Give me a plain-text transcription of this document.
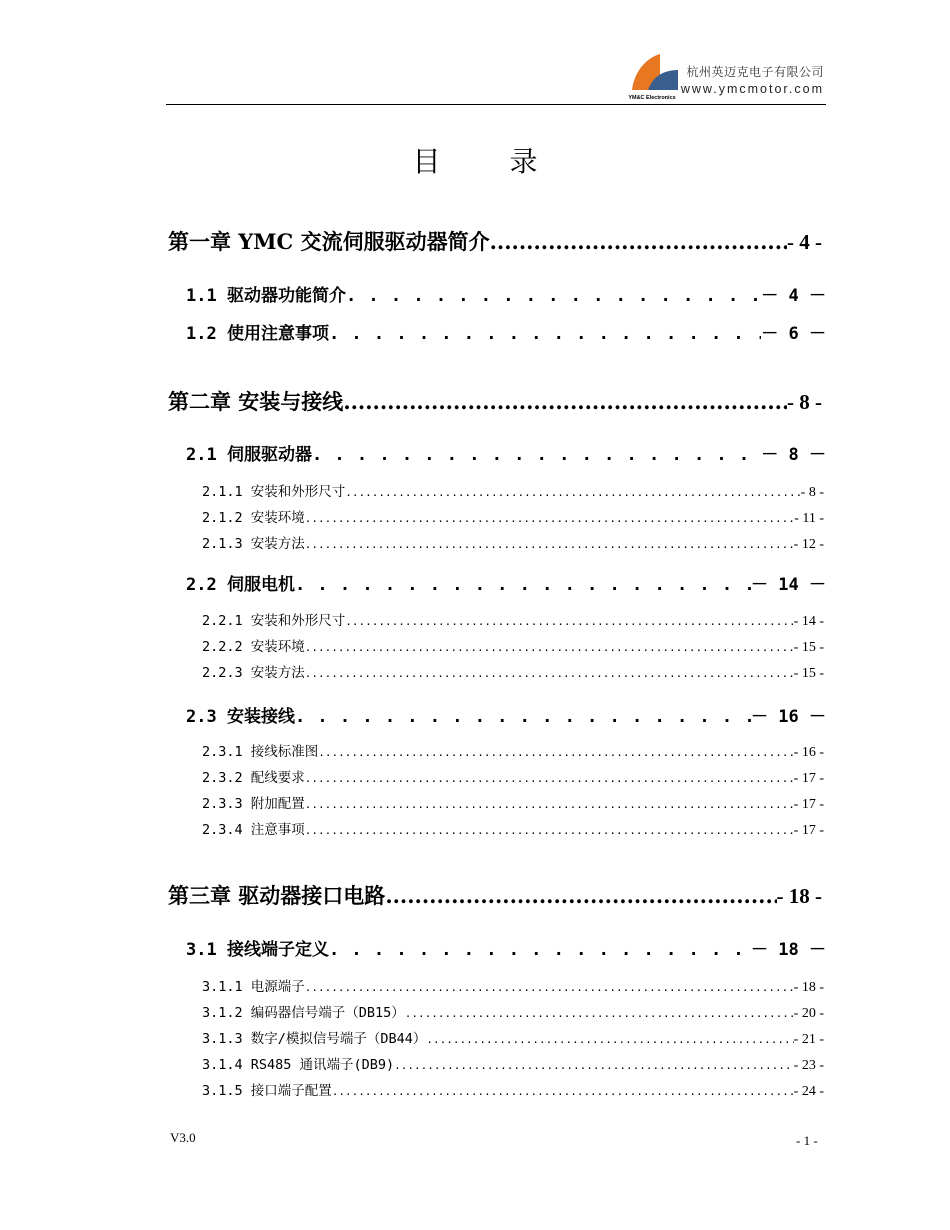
YM&C Electronics
杭州英迈克电子有限公司
www.ymcmotor.com
目 录
第一章 YMC 交流伺服驱动器简介 .....	- 4 -
1.1 驱动器功能简介 . . .	－ 4 －
1.2 使用注意事项 . . .	－ 6 －
第二章 安装与接线 .....	- 8 -
2.1 伺服驱动器 . . .	－ 8 －
2.1.1 安装和外形尺寸 .....	- 8 -
2.1.2 安装环境 .....	- 11 -
2.1.3 安装方法 .....	- 12 -
2.2 伺服电机 . . .	－ 14 －
2.2.1 安装和外形尺寸 .....	- 14 -
2.2.2 安装环境 .....	- 15 -
2.2.3 安装方法 .....	- 15 -
2.3 安装接线 . . .	－ 16 －
2.3.1 接线标准图 .....	- 16 -
2.3.2 配线要求 .....	- 17 -
2.3.3 附加配置 .....	- 17 -
2.3.4 注意事项 .....	- 17 -
第三章 驱动器接口电路 .....	- 18 -
3.1 接线端子定义 . . .	－ 18 －
3.1.1 电源端子 .....	- 18 -
3.1.2 编码器信号端子（DB15） .....	- 20 -
3.1.3 数字/模拟信号端子（DB44） .....	- 21 -
3.1.4 RS485 通讯端子(DB9) .....	- 23 -
3.1.5 接口端子配置 .....	- 24 -
V3.0	- 1 -
